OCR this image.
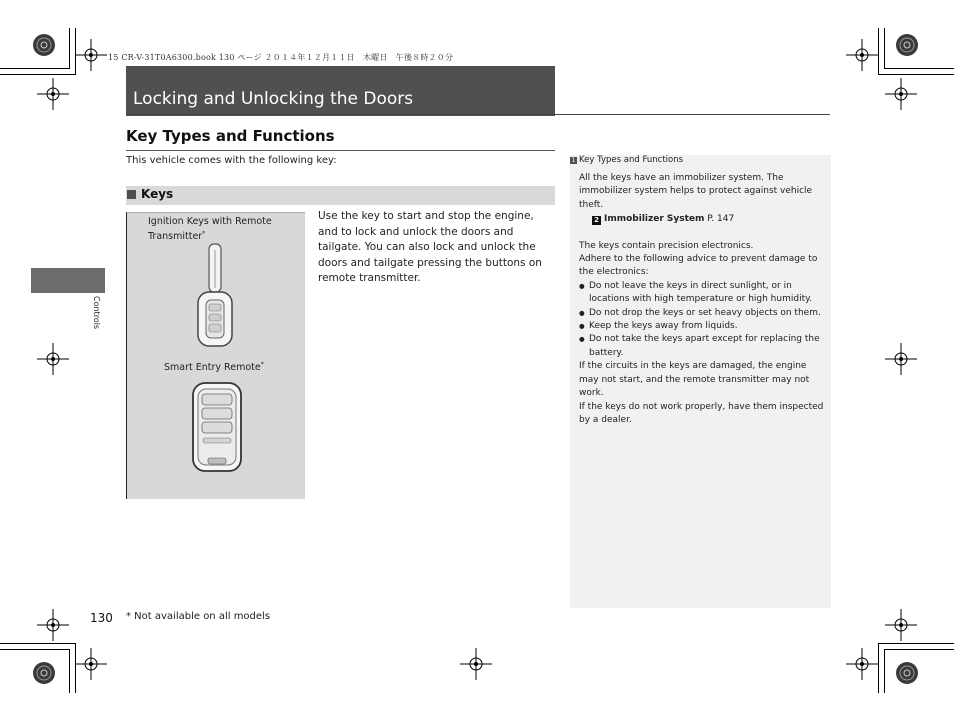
15 CR-V-31T0A6300.book 130 ページ ２０１４年１２月１１日　木曜日　午後８時２０分
Locking and Unlocking the Doors
Key Types and Functions
This vehicle comes with the following key:
Keys
Ignition Keys with Remote Transmitter*
Smart Entry Remote*
Use the key to start and stop the engine, and to lock and unlock the doors and tailgate. You can also lock and unlock the doors and tailgate pressing the buttons on remote transmitter.
Controls
1 Key Types and Functions

All the keys have an immobilizer system. The immobilizer system helps to protect against vehicle theft.

2 Immobilizer System P. 147

The keys contain precision electronics.

Adhere to the following advice to prevent damage to the electronics:

● Do not leave the keys in direct sunlight, or in locations with high temperature or high humidity.
● Do not drop the keys or set heavy objects on them.
● Keep the keys away from liquids.
● Do not take the keys apart except for replacing the battery.

If the circuits in the keys are damaged, the engine may not start, and the remote transmitter may not work.

If the keys do not work properly, have them inspected by a dealer.

130 * Not available on all models
